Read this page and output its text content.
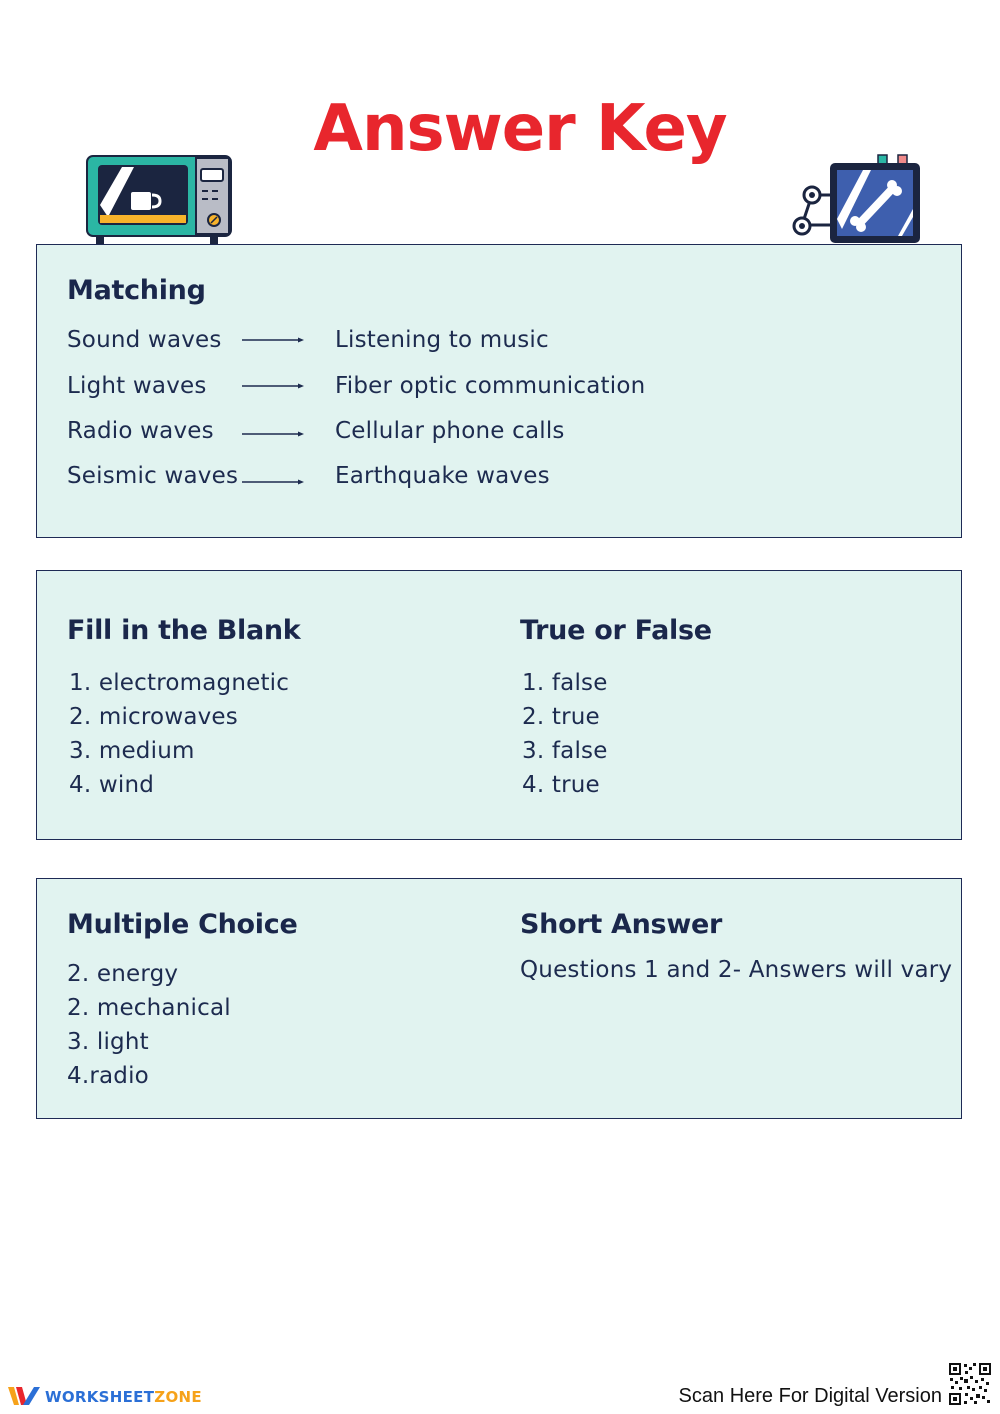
Answer Key
Matching
Sound waves	Listening to music
Light waves	Fiber optic communication
Radio waves	Cellular phone calls
Seismic waves	Earthquake waves
Fill in the Blank
1. electromagnetic
2. microwaves
3. medium
4. wind
True or False
1. false
2. true
3. false
4. true
Multiple Choice
2. energy
2. mechanical
3. light
4.radio
Short Answer
Questions 1 and 2- Answers will vary
WORKSHEETZONE	Scan Here For Digital Version
